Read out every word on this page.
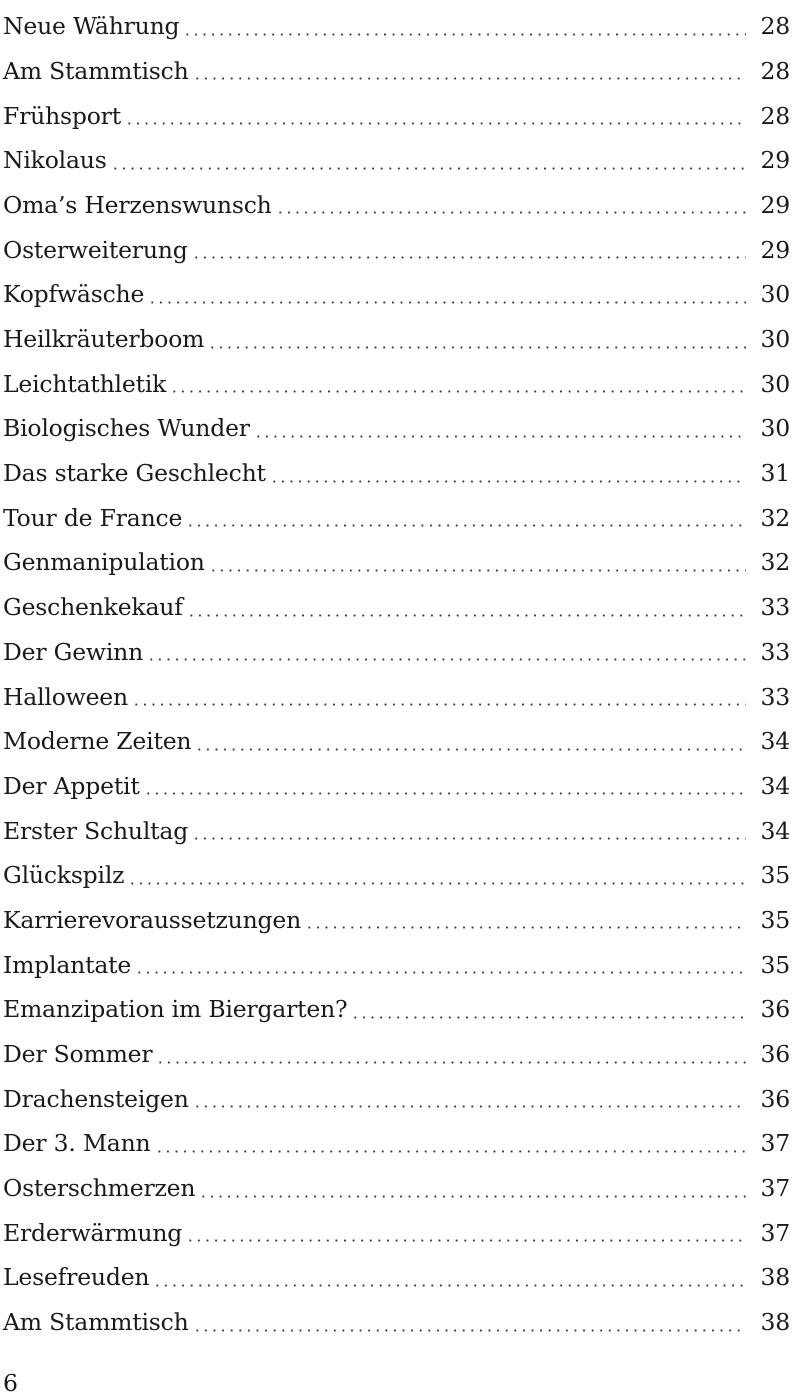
Neue Währung	28
Am Stammtisch	28
Frühsport	28
Nikolaus	29
Oma’s Herzenswunsch	29
Osterweiterung	29
Kopfwäsche	30
Heilkräuterboom	30
Leichtathletik	30
Biologisches Wunder	30
Das starke Geschlecht	31
Tour de France	32
Genmanipulation	32
Geschenkekauf	33
Der Gewinn	33
Halloween	33
Moderne Zeiten	34
Der Appetit	34
Erster Schultag	34
Glückspilz	35
Karrierevoraussetzungen	35
Implantate	35
Emanzipation im Biergarten?	36
Der Sommer	36
Drachensteigen	36
Der 3. Mann	37
Osterschmerzen	37
Erderwärmung	37
Lesefreuden	38
Am Stammtisch	38
6
